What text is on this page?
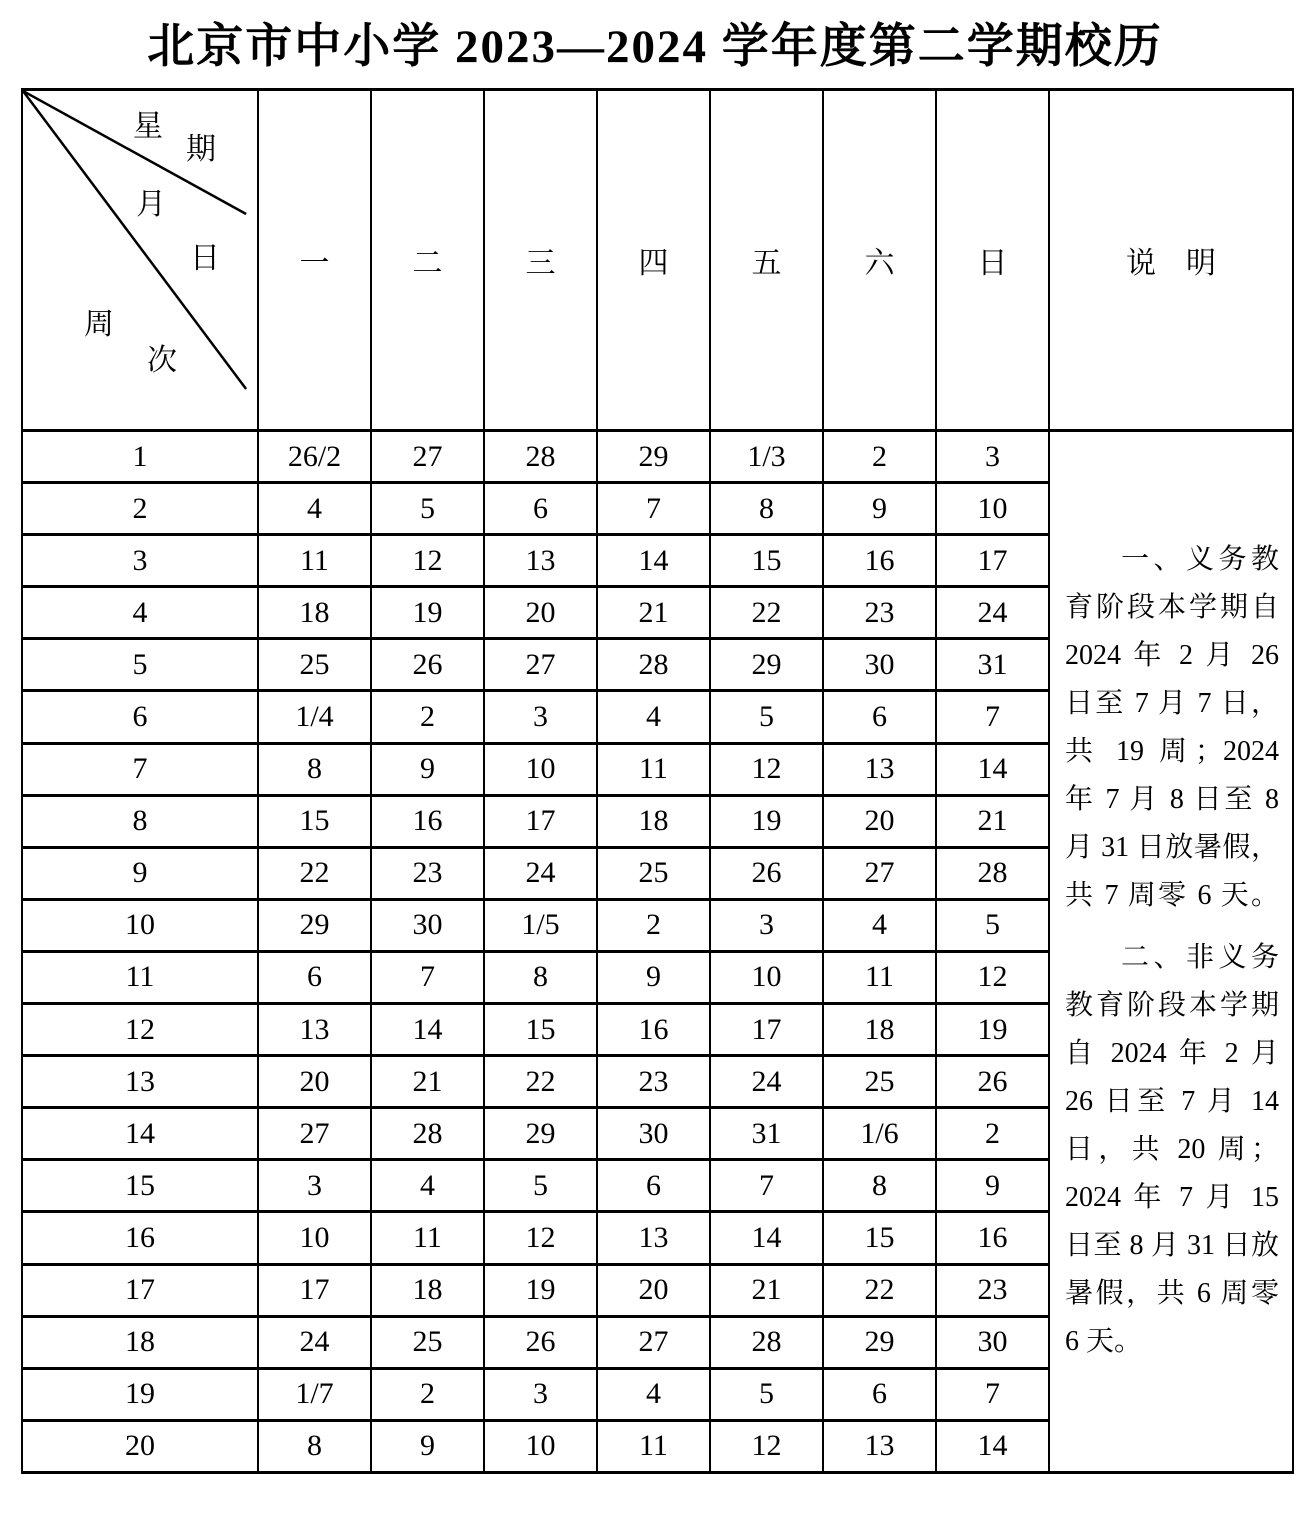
北京市中小学 2023—2024 学年度第二学期校历
星
期
月
日
周
次
	一	二	三	四	五	六	日	说　明
1	26/2	27	28	29	1/3	2	3	
一、义务教
育阶段本学期自
2024 年 2 月 26
日至 7 月 7 日，
共 19 周；2024
年 7 月 8 日至 8
月 31 日放暑假，
共 7 周零 6 天。
二、非义务
教育阶段本学期
自 2024 年 2 月
26 日至 7 月 14
日，共 20 周；
2024 年 7 月 15
日至 8 月 31 日放
暑假，共 6 周零
6 天。

2	4	5	6	7	8	9	10	
3	11	12	13	14	15	16	17	
4	18	19	20	21	22	23	24	
5	25	26	27	28	29	30	31	
6	1/4	2	3	4	5	6	7	
7	8	9	10	11	12	13	14	
8	15	16	17	18	19	20	21	
9	22	23	24	25	26	27	28	
10	29	30	1/5	2	3	4	5	
11	6	7	8	9	10	11	12	
12	13	14	15	16	17	18	19	
13	20	21	22	23	24	25	26	
14	27	28	29	30	31	1/6	2	
15	3	4	5	6	7	8	9	
16	10	11	12	13	14	15	16	
17	17	18	19	20	21	22	23	
18	24	25	26	27	28	29	30	
19	1/7	2	3	4	5	6	7	
20	8	9	10	11	12	13	14	
